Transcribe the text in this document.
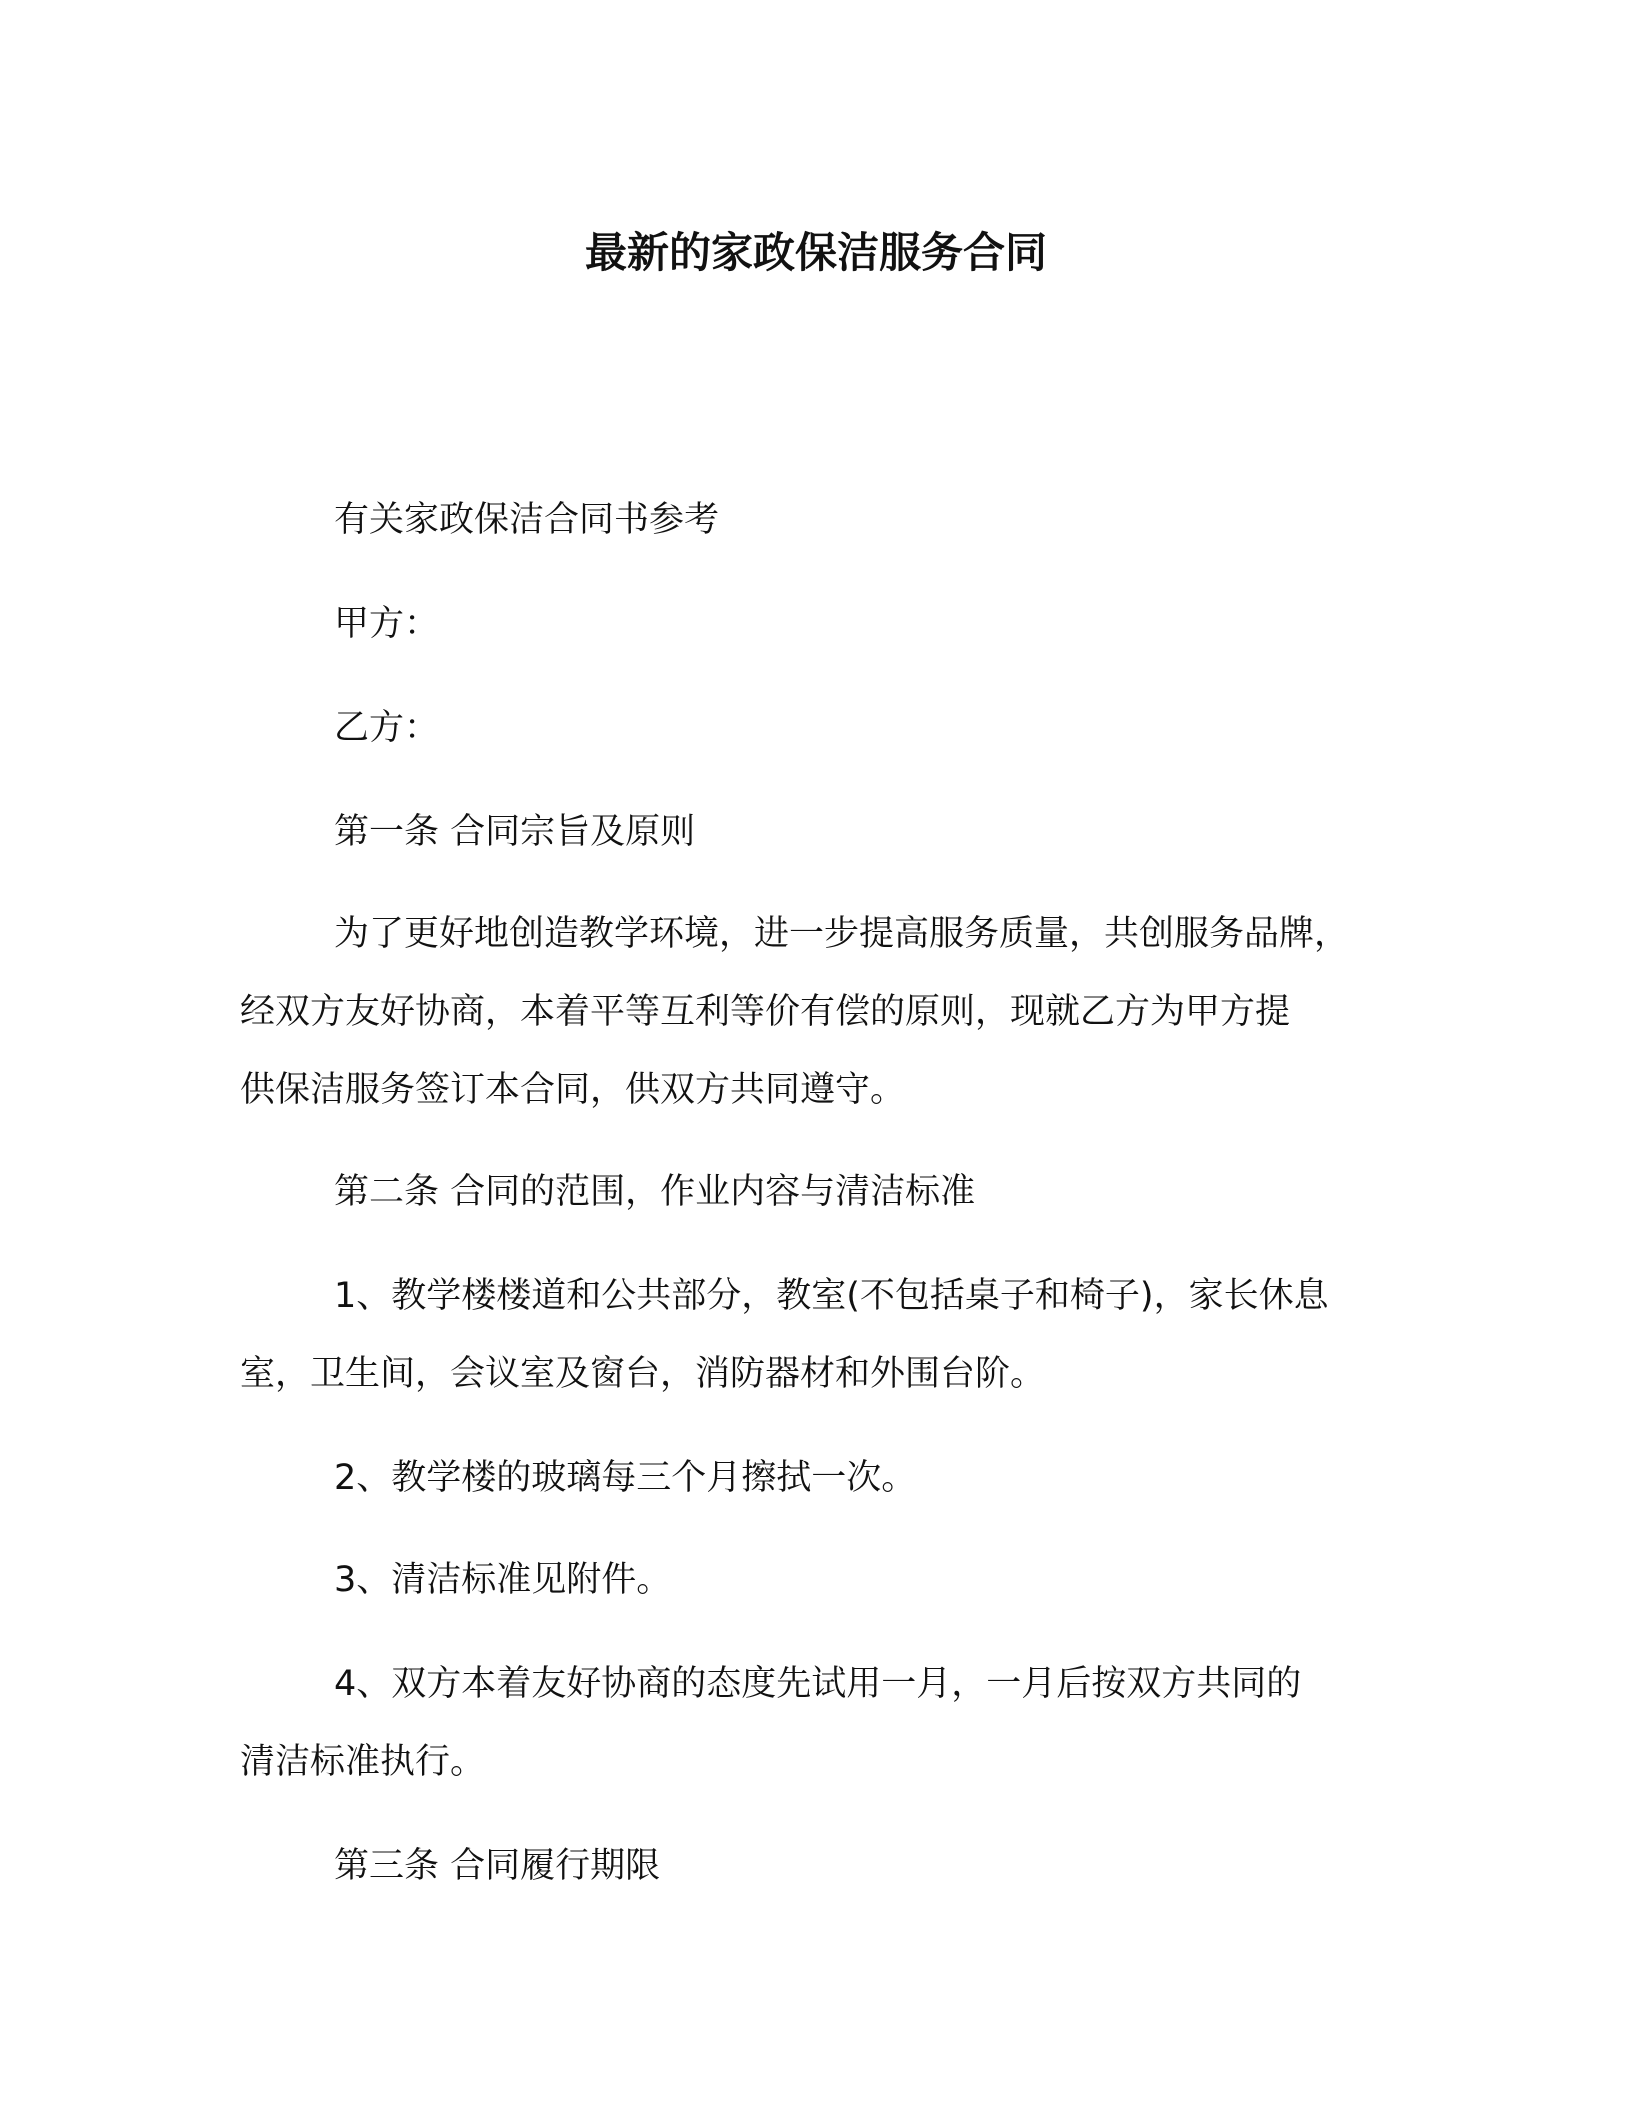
最新的家政保洁服务合同
有关家政保洁合同书参考
甲方：
乙方：
第一条 合同宗旨及原则
为了更好地创造教学环境，进一步提高服务质量，共创服务品牌，
经双方友好协商，本着平等互利等价有偿的原则，现就乙方为甲方提
供保洁服务签订本合同，供双方共同遵守。
第二条 合同的范围，作业内容与清洁标准
1、教学楼楼道和公共部分，教室(不包括桌子和椅子)，家长休息
室，卫生间，会议室及窗台，消防器材和外围台阶。
2、教学楼的玻璃每三个月擦拭一次。
3、清洁标准见附件。
4、双方本着友好协商的态度先试用一月，一月后按双方共同的
清洁标准执行。
第三条 合同履行期限
